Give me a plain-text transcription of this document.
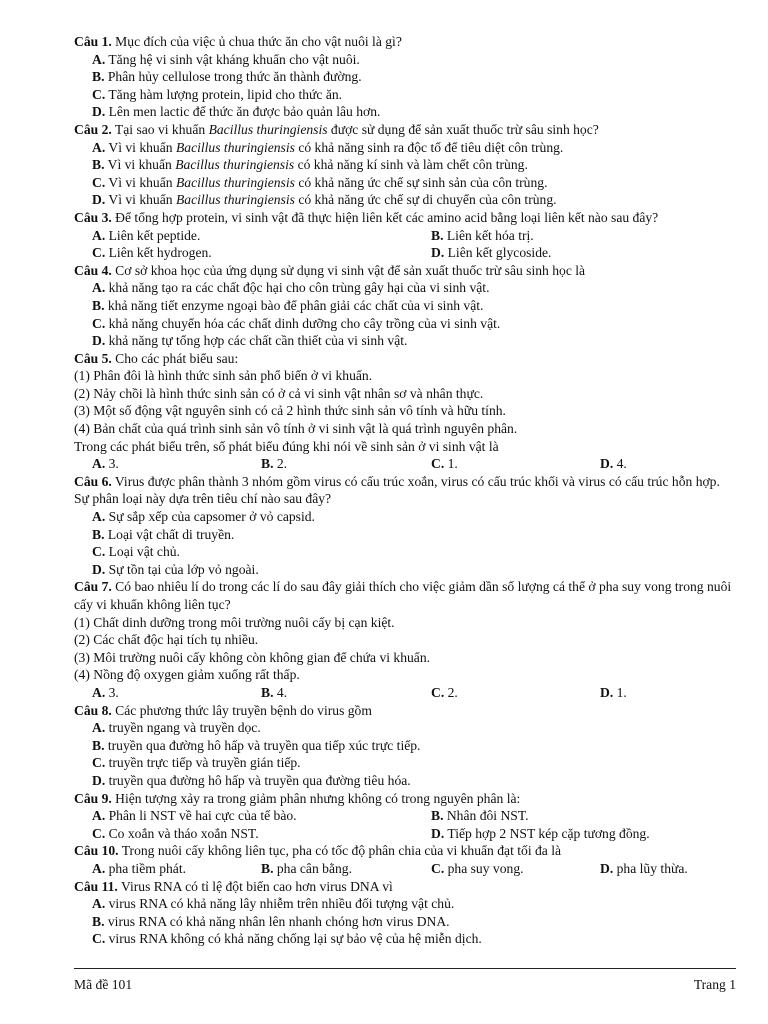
Câu 1. Mục đích của việc ủ chua thức ăn cho vật nuôi là gì?
A. Tăng hệ vi sinh vật kháng khuẩn cho vật nuôi.
B. Phân hủy cellulose trong thức ăn thành đường.
C. Tăng hàm lượng protein, lipid cho thức ăn.
D. Lên men lactic để thức ăn được bảo quản lâu hơn.
Câu 2. Tại sao vi khuẩn Bacillus thuringiensis được sử dụng để sản xuất thuốc trừ sâu sinh học?
A. Vì vi khuẩn Bacillus thuringiensis có khả năng sinh ra độc tố để tiêu diệt côn trùng.
B. Vì vi khuẩn Bacillus thuringiensis có khả năng kí sinh và làm chết côn trùng.
C. Vì vi khuẩn Bacillus thuringiensis có khả năng ức chế sự sinh sản của côn trùng.
D. Vì vi khuẩn Bacillus thuringiensis có khả năng ức chế sự di chuyển của côn trùng.
Câu 3. Để tổng hợp protein, vi sinh vật đã thực hiện liên kết các amino acid bằng loại liên kết nào sau đây?
A. Liên kết peptide.	B. Liên kết hóa trị.
C. Liên kết hydrogen.	D. Liên kết glycoside.
Câu 4. Cơ sở khoa học của ứng dụng sử dụng vi sinh vật để sản xuất thuốc trừ sâu sinh học là
A. khả năng tạo ra các chất độc hại cho côn trùng gây hại của vi sinh vật.
B. khả năng tiết enzyme ngoại bào để phân giải các chất của vi sinh vật.
C. khả năng chuyển hóa các chất dinh dưỡng cho cây trồng của vi sinh vật.
D. khả năng tự tổng hợp các chất cần thiết của vi sinh vật.
Câu 5. Cho các phát biểu sau:
(1) Phân đôi là hình thức sinh sản phổ biến ở vi khuẩn.
(2) Nảy chồi là hình thức sinh sản có ở cả vi sinh vật nhân sơ và nhân thực.
(3) Một số động vật nguyên sinh có cả 2 hình thức sinh sản vô tính và hữu tính.
(4) Bản chất của quá trình sinh sản vô tính ở vi sinh vật là quá trình nguyên phân.
Trong các phát biểu trên, số phát biểu đúng khi nói về sinh sản ở vi sinh vật là
A. 3.	B. 2.	C. 1.	D. 4.
Câu 6. Virus được phân thành 3 nhóm gồm virus có cấu trúc xoắn, virus có cấu trúc khối và virus có cấu trúc hỗn hợp. Sự phân loại này dựa trên tiêu chí nào sau đây?
A. Sự sắp xếp của capsomer ở vỏ capsid.
B. Loại vật chất di truyền.
C. Loại vật chủ.
D. Sự tồn tại của lớp vỏ ngoài.
Câu 7. Có bao nhiêu lí do trong các lí do sau đây giải thích cho việc giảm dần số lượng cá thể ở pha suy vong trong nuôi cấy vi khuẩn không liên tục?
(1) Chất dinh dưỡng trong môi trường nuôi cấy bị cạn kiệt.
(2) Các chất độc hại tích tụ nhiều.
(3) Môi trường nuôi cấy không còn không gian để chứa vi khuẩn.
(4) Nồng độ oxygen giảm xuống rất thấp.
A. 3.	B. 4.	C. 2.	D. 1.
Câu 8. Các phương thức lây truyền bệnh do virus gồm
A. truyền ngang và truyền dọc.
B. truyền qua đường hô hấp và truyền qua tiếp xúc trực tiếp.
C. truyền trực tiếp và truyền gián tiếp.
D. truyền qua đường hô hấp và truyền qua đường tiêu hóa.
Câu 9. Hiện tượng xảy ra trong giảm phân nhưng không có trong nguyên phân là:
A. Phân li NST về hai cực của tế bào.	B. Nhân đôi NST.
C. Co xoắn và tháo xoắn NST.	D. Tiếp hợp 2 NST kép cặp tương đồng.
Câu 10. Trong nuôi cấy không liên tục, pha có tốc độ phân chia của vi khuẩn đạt tối đa là
A. pha tiềm phát.	B. pha cân bằng.	C. pha suy vong.	D. pha lũy thừa.
Câu 11. Virus RNA có tỉ lệ đột biến cao hơn virus DNA vì
A. virus RNA có khả năng lây nhiễm trên nhiều đối tượng vật chủ.
B. virus RNA có khả năng nhân lên nhanh chóng hơn virus DNA.
C. virus RNA không có khả năng chống lại sự bảo vệ của hệ miễn dịch.
Mã đề 101	Trang 1
